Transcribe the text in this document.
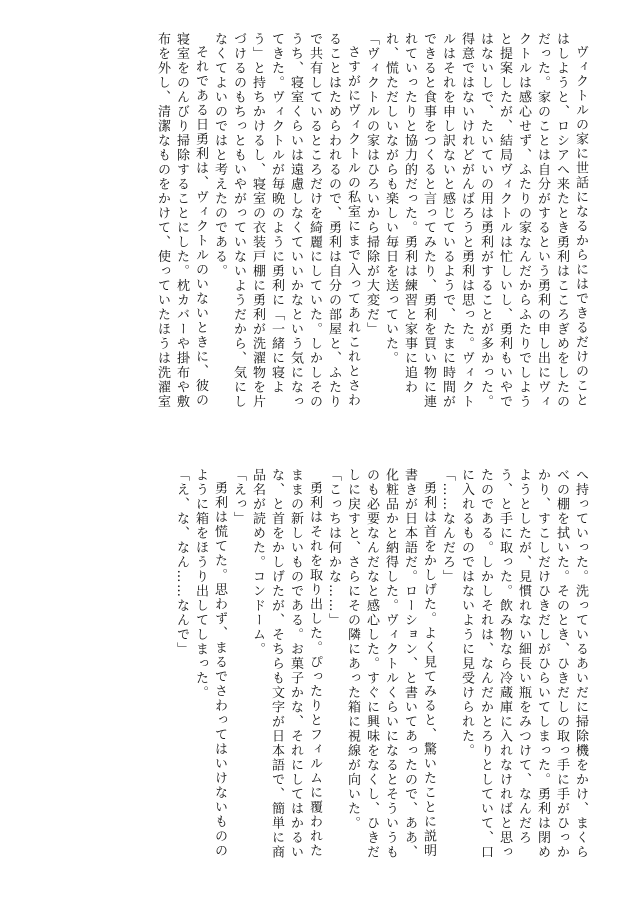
ヴィクトルの家に世話になるからにはできるだけのことはしようと、ロシアへ来たとき勇利はこころぎめをしたのだった。家のことは自分がするという勇利の申し出にヴィクトルは感心せず、ふたりの家なんだからふたりでしようと提案したが、結局ヴィクトルは忙しいし、勇利もいやではないしで、たいていの用は勇利がすることが多かった。得意ではないけれどがんばろうと勇利は思った。ヴィクトルはそれを申し訳ないと感じているようで、たまに時間ができると食事をつくると言ってみたり、勇利を買い物に連れていったりと協力的だった。勇利は練習と家事に追われ、慌ただしいながらも楽しい毎日を送っていた。

「ヴィクトルの家はひろいから掃除が大変だ」

さすがにヴィクトルの私室にまで入ってあれこれとさわることはためらわれるので、勇利は自分の部屋と、ふたりで共有しているところだけを綺麗にしていた。しかしそのうち、寝室くらいは遠慮しなくていいかなという気になってきた。ヴィクトルが毎晩のように勇利に「一緒に寝よう」と持ちかけるし、寝室の衣装戸棚に勇利が洗濯物を片づけるのもちっともいやがっていないようだから、気にしなくてよいのではと考えたのである。

それである日勇利は、ヴィクトルのいないときに、彼の寝室をのんびり掃除することにした。枕カバーや掛布や敷布を外し、清潔なものをかけて、使っていたほうは洗濯室

へ持っていった。洗っているあいだに掃除機をかけ、まくらべの棚を拭いた。そのとき、ひきだしの取っ手に手がひっかかり、すこしだけひきだしがひらいてしまった。勇利は閉めようとしたが、見慣れない細長い瓶をみつけて、なんだろう、と手に取った。飲み物なら冷蔵庫に入れなければと思ったのである。しかしそれは、なんだかとろりとしていて、口に入れるものではないように見受けられた。

「……なんだろ」

勇利は首をかしげた。よく見てみると、驚いたことに説明書きが日本語だ。ローション、と書いてあったので、ああ、化粧品かと納得した。ヴィクトルくらいになるとそういうものも必要なんだなと感心した。すぐに興味をなくし、ひきだしに戻すと、さらにその隣にあった箱に視線が向いた。

「こっちは何かな……」

勇利はそれを取り出した。ぴったりとフィルムに覆われたままの新しいものである。お菓子かな、それにしてはかるいな、と首をかしげたが、そちらも文字が日本語で、簡単に商品名が読めた。コンドーム。

「えっ」

勇利は慌てた。思わず、まるでさわってはいけないもののように箱をほうり出してしまった。

「え、な、なん……なんで」
